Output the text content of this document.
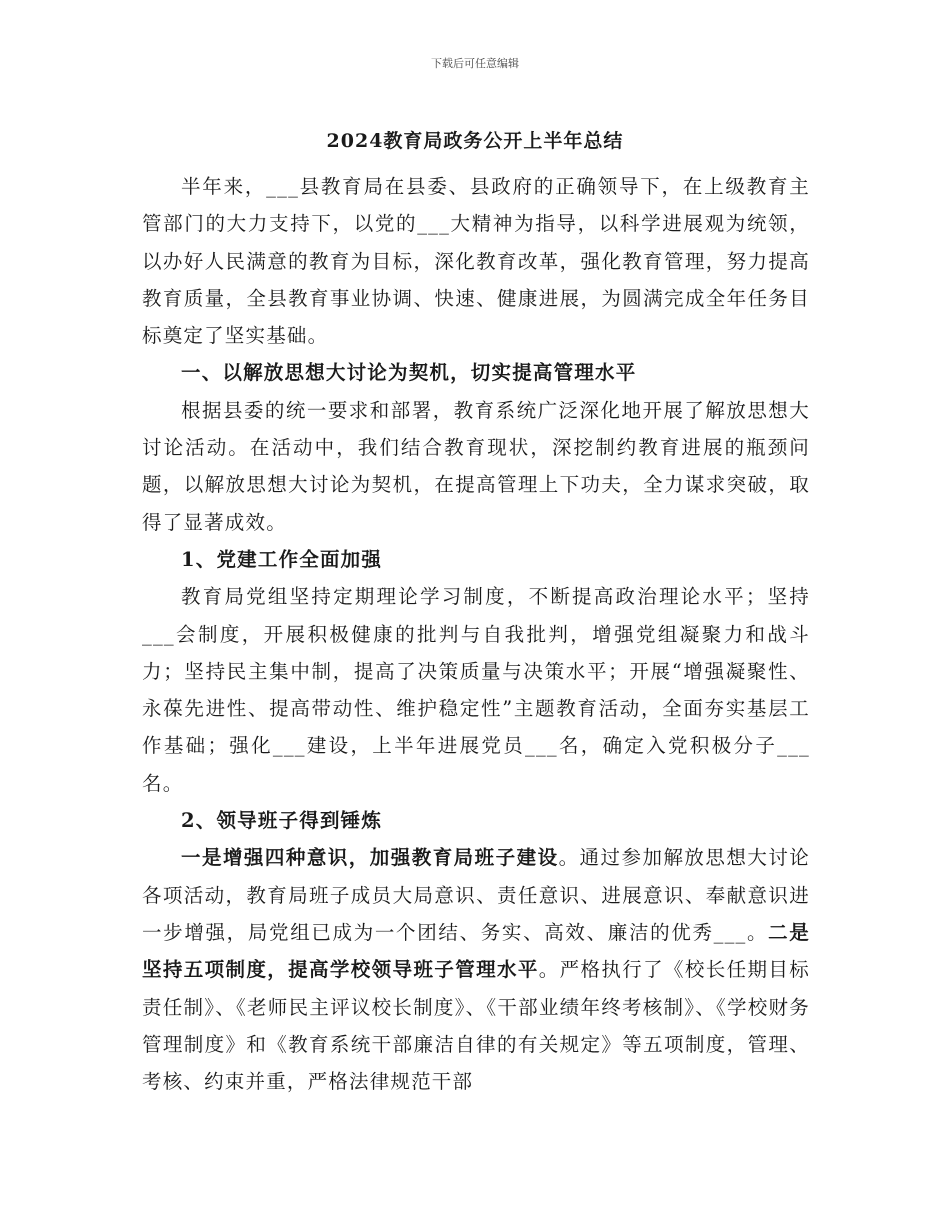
下载后可任意编辑
2024教育局政务公开上半年总结

半年来，___县教育局在县委、县政府的正确领导下，在上级教育主管部门的大力支持下，以党的___大精神为指导，以科学进展观为统领，以办好人民满意的教育为目标，深化教育改革，强化教育管理，努力提高教育质量，全县教育事业协调、快速、健康进展，为圆满完成全年任务目标奠定了坚实基础。

一、以解放思想大讨论为契机，切实提高管理水平

根据县委的统一要求和部署，教育系统广泛深化地开展了解放思想大讨论活动。在活动中，我们结合教育现状，深挖制约教育进展的瓶颈问题，以解放思想大讨论为契机，在提高管理上下功夫，全力谋求突破，取得了显著成效。

1、党建工作全面加强

教育局党组坚持定期理论学习制度，不断提高政治理论水平；坚持___会制度，开展积极健康的批判与自我批判，增强党组凝聚力和战斗力；坚持民主集中制，提高了决策质量与决策水平；开展“增强凝聚性、永葆先进性、提高带动性、维护稳定性”主题教育活动，全面夯实基层工作基础；强化___建设，上半年进展党员___名，确定入党积极分子___名。

2、领导班子得到锤炼

一是增强四种意识，加强教育局班子建设。通过参加解放思想大讨论各项活动，教育局班子成员大局意识、责任意识、进展意识、奉献意识进一步增强，局党组已成为一个团结、务实、高效、廉洁的优秀___。二是坚持五项制度，提高学校领导班子管理水平。严格执行了《校长任期目标责任制》、《老师民主评议校长制度》、《干部业绩年终考核制》、《学校财务管理制度》和《教育系统干部廉洁自律的有关规定》等五项制度，管理、考核、约束并重，严格法律规范干部
